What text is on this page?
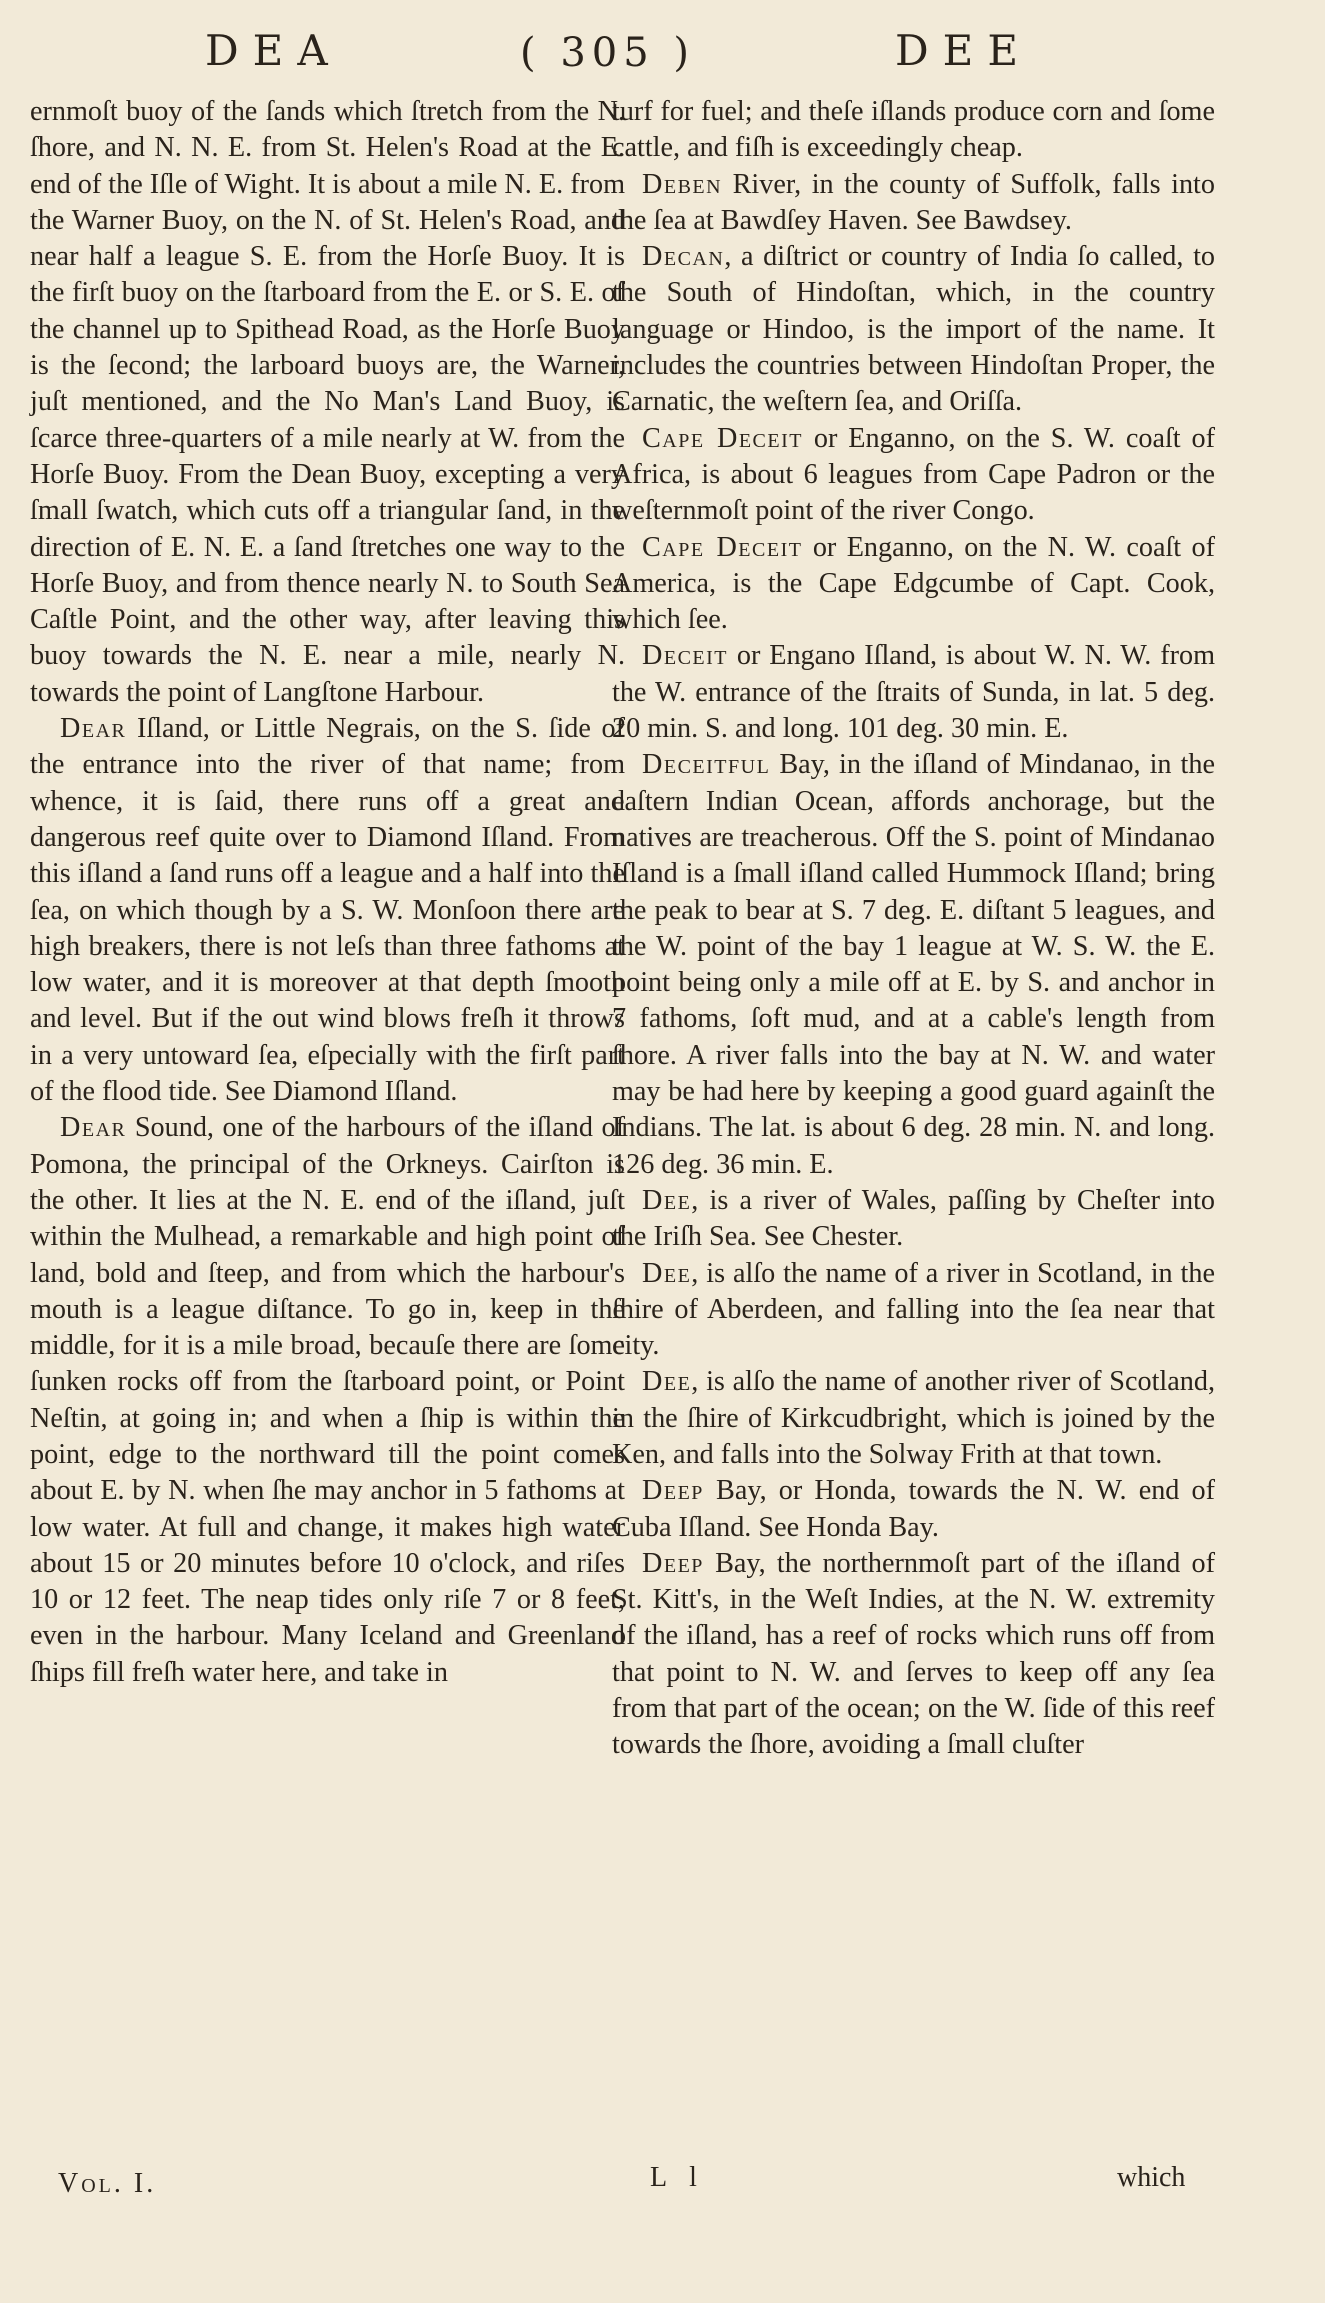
DEA	( 305 )	DEE

ernmoſt buoy of the ſands which ſtretch from the N. ſhore, and N. N. E. from St. Helen's Road at the E. end of the Iſle of Wight. It is about a mile N. E. from the Warner Buoy, on the N. of St. Helen's Road, and near half a league S. E. from the Horſe Buoy. It is the firſt buoy on the ſtarboard from the E. or S. E. of the channel up to Spithead Road, as the Horſe Buoy is the ſecond; the larboard buoys are, the Warner, juſt mentioned, and the No Man's Land Buoy, is ſcarce three-quarters of a mile nearly at W. from the Horſe Buoy. From the Dean Buoy, excepting a very ſmall ſwatch, which cuts off a triangular ſand, in the direction of E. N. E. a ſand ſtretches one way to the Horſe Buoy, and from thence nearly N. to South Sea Caſtle Point, and the other way, after leaving this buoy towards the N. E. near a mile, nearly N. towards the point of Langſtone Harbour.

Dear Iſland, or Little Negrais, on the S. ſide of the entrance into the river of that name; from whence, it is ſaid, there runs off a great and dangerous reef quite over to Diamond Iſland. From this iſland a ſand runs off a league and a half into the ſea, on which though by a S. W. Monſoon there are high breakers, there is not leſs than three fathoms at low water, and it is moreover at that depth ſmooth and level. But if the out wind blows freſh it throws in a very untoward ſea, eſpecially with the firſt part of the flood tide. See Diamond Iſland.

Dear Sound, one of the harbours of the iſland of Pomona, the principal of the Orkneys. Cairſton is the other. It lies at the N. E. end of the iſland, juſt within the Mulhead, a remarkable and high point of land, bold and ſteep, and from which the harbour's mouth is a league diſtance. To go in, keep in the middle, for it is a mile broad, becauſe there are ſome ſunken rocks off from the ſtarboard point, or Point Neſtin, at going in; and when a ſhip is within the point, edge to the northward till the point comes about E. by N. when ſhe may anchor in 5 fathoms at low water. At full and change, it makes high water about 15 or 20 minutes before 10 o'clock, and riſes 10 or 12 feet. The neap tides only riſe 7 or 8 feet, even in the harbour. Many Iceland and Greenland ſhips fill freſh water here, and take in

turf for fuel; and theſe iſlands produce corn and ſome cattle, and fiſh is exceedingly cheap.

Deben River, in the county of Suffolk, falls into the ſea at Bawdſey Haven. See Bawdsey.

Decan, a diſtrict or country of India ſo called, to the South of Hindoſtan, which, in the country language or Hindoo, is the import of the name. It includes the countries between Hindoſtan Proper, the Carnatic, the weſtern ſea, and Oriſſa.

Cape Deceit or Enganno, on the S. W. coaſt of Africa, is about 6 leagues from Cape Padron or the weſternmoſt point of the river Congo.

Cape Deceit or Enganno, on the N. W. coaſt of America, is the Cape Edgcumbe of Capt. Cook, which ſee.

Deceit or Engano Iſland, is about W. N. W. from the W. entrance of the ſtraits of Sunda, in lat. 5 deg. 20 min. S. and long. 101 deg. 30 min. E.

Deceitful Bay, in the iſland of Mindanao, in the eaſtern Indian Ocean, affords anchorage, but the natives are treacherous. Off the S. point of Mindanao Iſland is a ſmall iſland called Hummock Iſland; bring the peak to bear at S. 7 deg. E. diſtant 5 leagues, and the W. point of the bay 1 league at W. S. W. the E. point being only a mile off at E. by S. and anchor in 7 fathoms, ſoft mud, and at a cable's length from ſhore. A river falls into the bay at N. W. and water may be had here by keeping a good guard againſt the Indians. The lat. is about 6 deg. 28 min. N. and long. 126 deg. 36 min. E.

Dee, is a river of Wales, paſſing by Cheſter into the Iriſh Sea. See Chester.

Dee, is alſo the name of a river in Scotland, in the ſhire of Aberdeen, and falling into the ſea near that city.

Dee, is alſo the name of another river of Scotland, in the ſhire of Kirkcudbright, which is joined by the Ken, and falls into the Solway Frith at that town.

Deep Bay, or Honda, towards the N. W. end of Cuba Iſland. See Honda Bay.

Deep Bay, the northernmoſt part of the iſland of St. Kitt's, in the Weſt Indies, at the N. W. extremity of the iſland, has a reef of rocks which runs off from that point to N. W. and ſerves to keep off any ſea from that part of the ocean; on the W. ſide of this reef towards the ſhore, avoiding a ſmall cluſter

Vol. I.	L l	which
